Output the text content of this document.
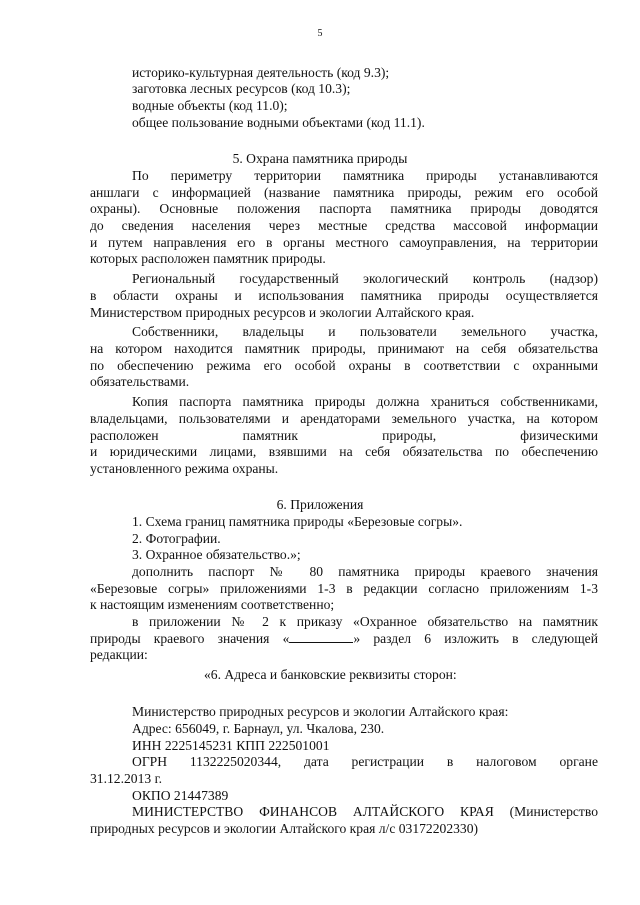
5
историко-культурная деятельность (код 9.3);
заготовка лесных ресурсов (код 10.3);
водные объекты (код 11.0);
общее пользование водными объектами (код 11.1).
5. Охрана памятника природы
По периметру территории памятника природы устанавливаются
аншлаги с информацией (название памятника природы, режим его особой
охраны). Основные положения паспорта памятника природы доводятся
до сведения населения через местные средства массовой информации
и путем направления его в органы местного самоуправления, на территории
которых расположен памятник природы.
Региональный государственный экологический контроль (надзор)
в области охраны и использования памятника природы осуществляется
Министерством природных ресурсов и экологии Алтайского края.
Собственники, владельцы и пользователи земельного участка,
на котором находится памятник природы, принимают на себя обязательства
по обеспечению режима его особой охраны в соответствии с охранными
обязательствами.
Копия паспорта памятника природы должна храниться собственниками,
владельцами, пользователями и арендаторами земельного участка, на котором
расположен памятник природы, физическими
и юридическими лицами, взявшими на себя обязательства по обеспечению
установленного режима охраны.
6. Приложения
1. Схема границ памятника природы «Березовые согры».
2. Фотографии.
3. Охранное обязательство.»;
дополнить паспорт № 80 памятника природы краевого значения
«Березовые согры» приложениями 1-3 в редакции согласно приложениям 1-3
к настоящим изменениям соответственно;
в приложении № 2 к приказу «Охранное обязательство на памятник
природы краевого значения «	» раздел 6 изложить в следующей
редакции:
«6. Адреса и банковские реквизиты сторон:
Министерство природных ресурсов и экологии Алтайского края:
Адрес: 656049, г. Барнаул, ул. Чкалова, 230.
ИНН 2225145231 КПП 222501001
ОГРН 1132225020344, дата регистрации в налоговом органе
31.12.2013 г.
ОКПО 21447389
МИНИСТЕРСТВО ФИНАНСОВ АЛТАЙСКОГО КРАЯ (Министерство
природных ресурсов и экологии Алтайского края л/с 03172202330)
